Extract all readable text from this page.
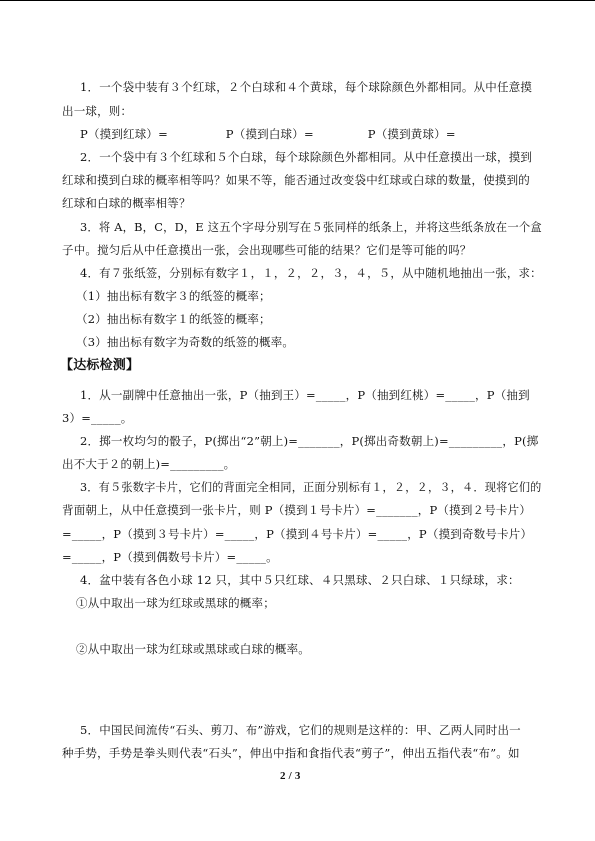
1．一个袋中装有３个红球，２个白球和４个黄球，每个球除颜色外都相同。从中任意摸
出一球，则：
P（摸到红球）=               P（摸到白球）=              P（摸到黄球）=
2．一个袋中有３个红球和５个白球，每个球除颜色外都相同。从中任意摸出一球，摸到
红球和摸到白球的概率相等吗？如果不等，能否通过改变袋中红球或白球的数量，使摸到的
红球和白球的概率相等？
3．将 A，B，C，D，E 这五个字母分别写在５张同样的纸条上，并将这些纸条放在一个盒
子中。搅匀后从中任意摸出一张，会出现哪些可能的结果？它们是等可能的吗？
4．有７张纸签，分别标有数字１，１，２，２，３，４，５，从中随机地抽出一张，求：
（1）抽出标有数字３的纸签的概率；
（2）抽出标有数字１的纸签的概率；
（3）抽出标有数字为奇数的纸签的概率。
【达标检测】
1．从一副牌中任意抽出一张，P（抽到王）=_____，P（抽到红桃）=_____，P（抽到
3）=_____。
2．掷一枚均匀的骰子，P(掷出“2”朝上)=_______，P(掷出奇数朝上)=_________，P(掷
出不大于２的朝上)=_________。
3．有５张数字卡片，它们的背面完全相同，正面分别标有１，２，２，３，４．现将它们的
背面朝上，从中任意摸到一张卡片，则 P（摸到１号卡片）=_______，P（摸到２号卡片）
=_____，P（摸到３号卡片）=_____，P（摸到４号卡片）=_____，P（摸到奇数号卡片）
=_____，P（摸到偶数号卡片）=_____。
4．盆中装有各色小球 12 只，其中５只红球、４只黑球、２只白球、１只绿球，求：
①从中取出一球为红球或黑球的概率；
②从中取出一球为红球或黑球或白球的概率。
5．中国民间流传“石头、剪刀、布”游戏，它们的规则是这样的：甲、乙两人同时出一
种手势，手势是拳头则代表“石头”，伸出中指和食指代表“剪子”，伸出五指代表“布”。如
2 / 3
